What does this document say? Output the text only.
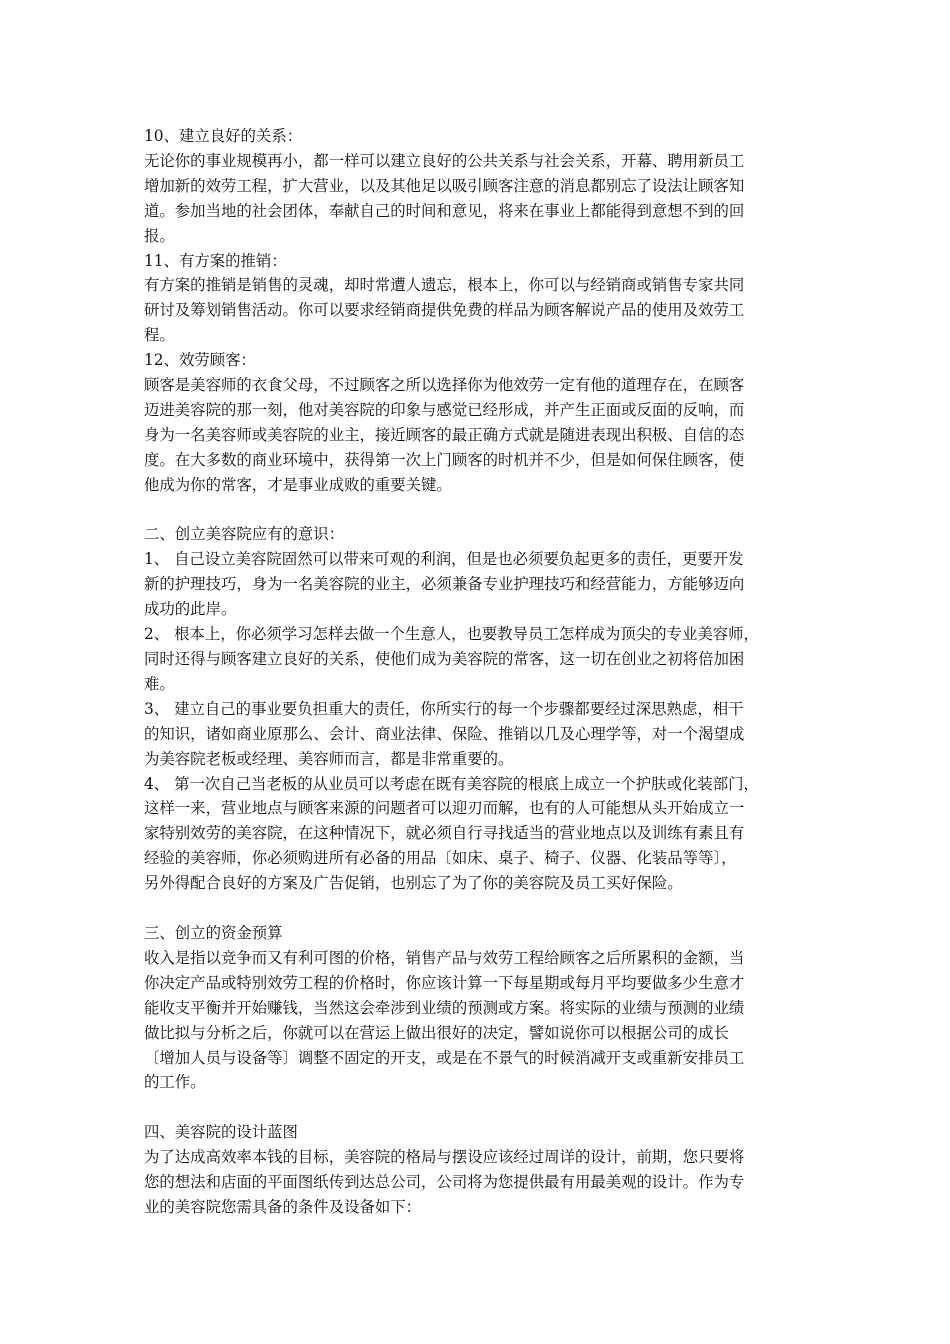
10、建立良好的关系：
无论你的事业规模再小，都一样可以建立良好的公共关系与社会关系，开幕、聘用新员工
增加新的效劳工程，扩大营业，以及其他足以吸引顾客注意的消息都别忘了设法让顾客知
道。参加当地的社会团体，奉献自己的时间和意见，将来在事业上都能得到意想不到的回
报。
11、有方案的推销：
有方案的推销是销售的灵魂，却时常遭人遗忘，根本上，你可以与经销商或销售专家共同
研讨及筹划销售活动。你可以要求经销商提供免费的样品为顾客解说产品的使用及效劳工
程。
12、效劳顾客：
顾客是美容师的衣食父母，不过顾客之所以选择你为他效劳一定有他的道理存在，在顾客
迈进美容院的那一刻，他对美容院的印象与感觉已经形成，并产生正面或反面的反响，而
身为一名美容师或美容院的业主，接近顾客的最正确方式就是随进表现出积极、自信的态
度。在大多数的商业环境中，获得第一次上门顾客的时机并不少，但是如何保住顾客，使
他成为你的常客，才是事业成败的重要关键。
二、创立美容院应有的意识：
1、 自己设立美容院固然可以带来可观的利润，但是也必须要负起更多的责任，更要开发
新的护理技巧，身为一名美容院的业主，必须兼备专业护理技巧和经营能力，方能够迈向
成功的此岸。
2、 根本上，你必须学习怎样去做一个生意人，也要教导员工怎样成为顶尖的专业美容师，
同时还得与顾客建立良好的关系，使他们成为美容院的常客，这一切在创业之初将倍加困
难。
3、 建立自己的事业要负担重大的责任，你所实行的每一个步骤都要经过深思熟虑，相干
的知识，诸如商业原那么、会计、商业法律、保险、推销以几及心理学等，对一个渴望成
为美容院老板或经理、美容师而言，都是非常重要的。
4、 第一次自己当老板的从业员可以考虑在既有美容院的根底上成立一个护肤或化装部门，
这样一来，营业地点与顾客来源的问题者可以迎刃而解，也有的人可能想从头开始成立一
家特别效劳的美容院，在这种情况下，就必须自行寻找适当的营业地点以及训练有素且有
经验的美容师，你必须购进所有必备的用品〔如床、桌子、椅子、仪器、化装品等等〕，
另外得配合良好的方案及广告促销，也别忘了为了你的美容院及员工买好保险。
三、创立的资金预算
收入是指以竞争而又有利可图的价格，销售产品与效劳工程给顾客之后所累积的金额，当
你决定产品或特别效劳工程的价格时，你应该计算一下每星期或每月平均要做多少生意才
能收支平衡并开始赚钱，当然这会牵涉到业绩的预测或方案。将实际的业绩与预测的业绩
做比拟与分析之后，你就可以在营运上做出很好的决定，譬如说你可以根据公司的成长
〔增加人员与设备等〕调整不固定的开支，或是在不景气的时候消减开支或重新安排员工
的工作。
四、美容院的设计蓝图
为了达成高效率本钱的目标，美容院的格局与摆设应该经过周详的设计，前期，您只要将
您的想法和店面的平面图纸传到达总公司，公司将为您提供最有用最美观的设计。作为专
业的美容院您需具备的条件及设备如下：
